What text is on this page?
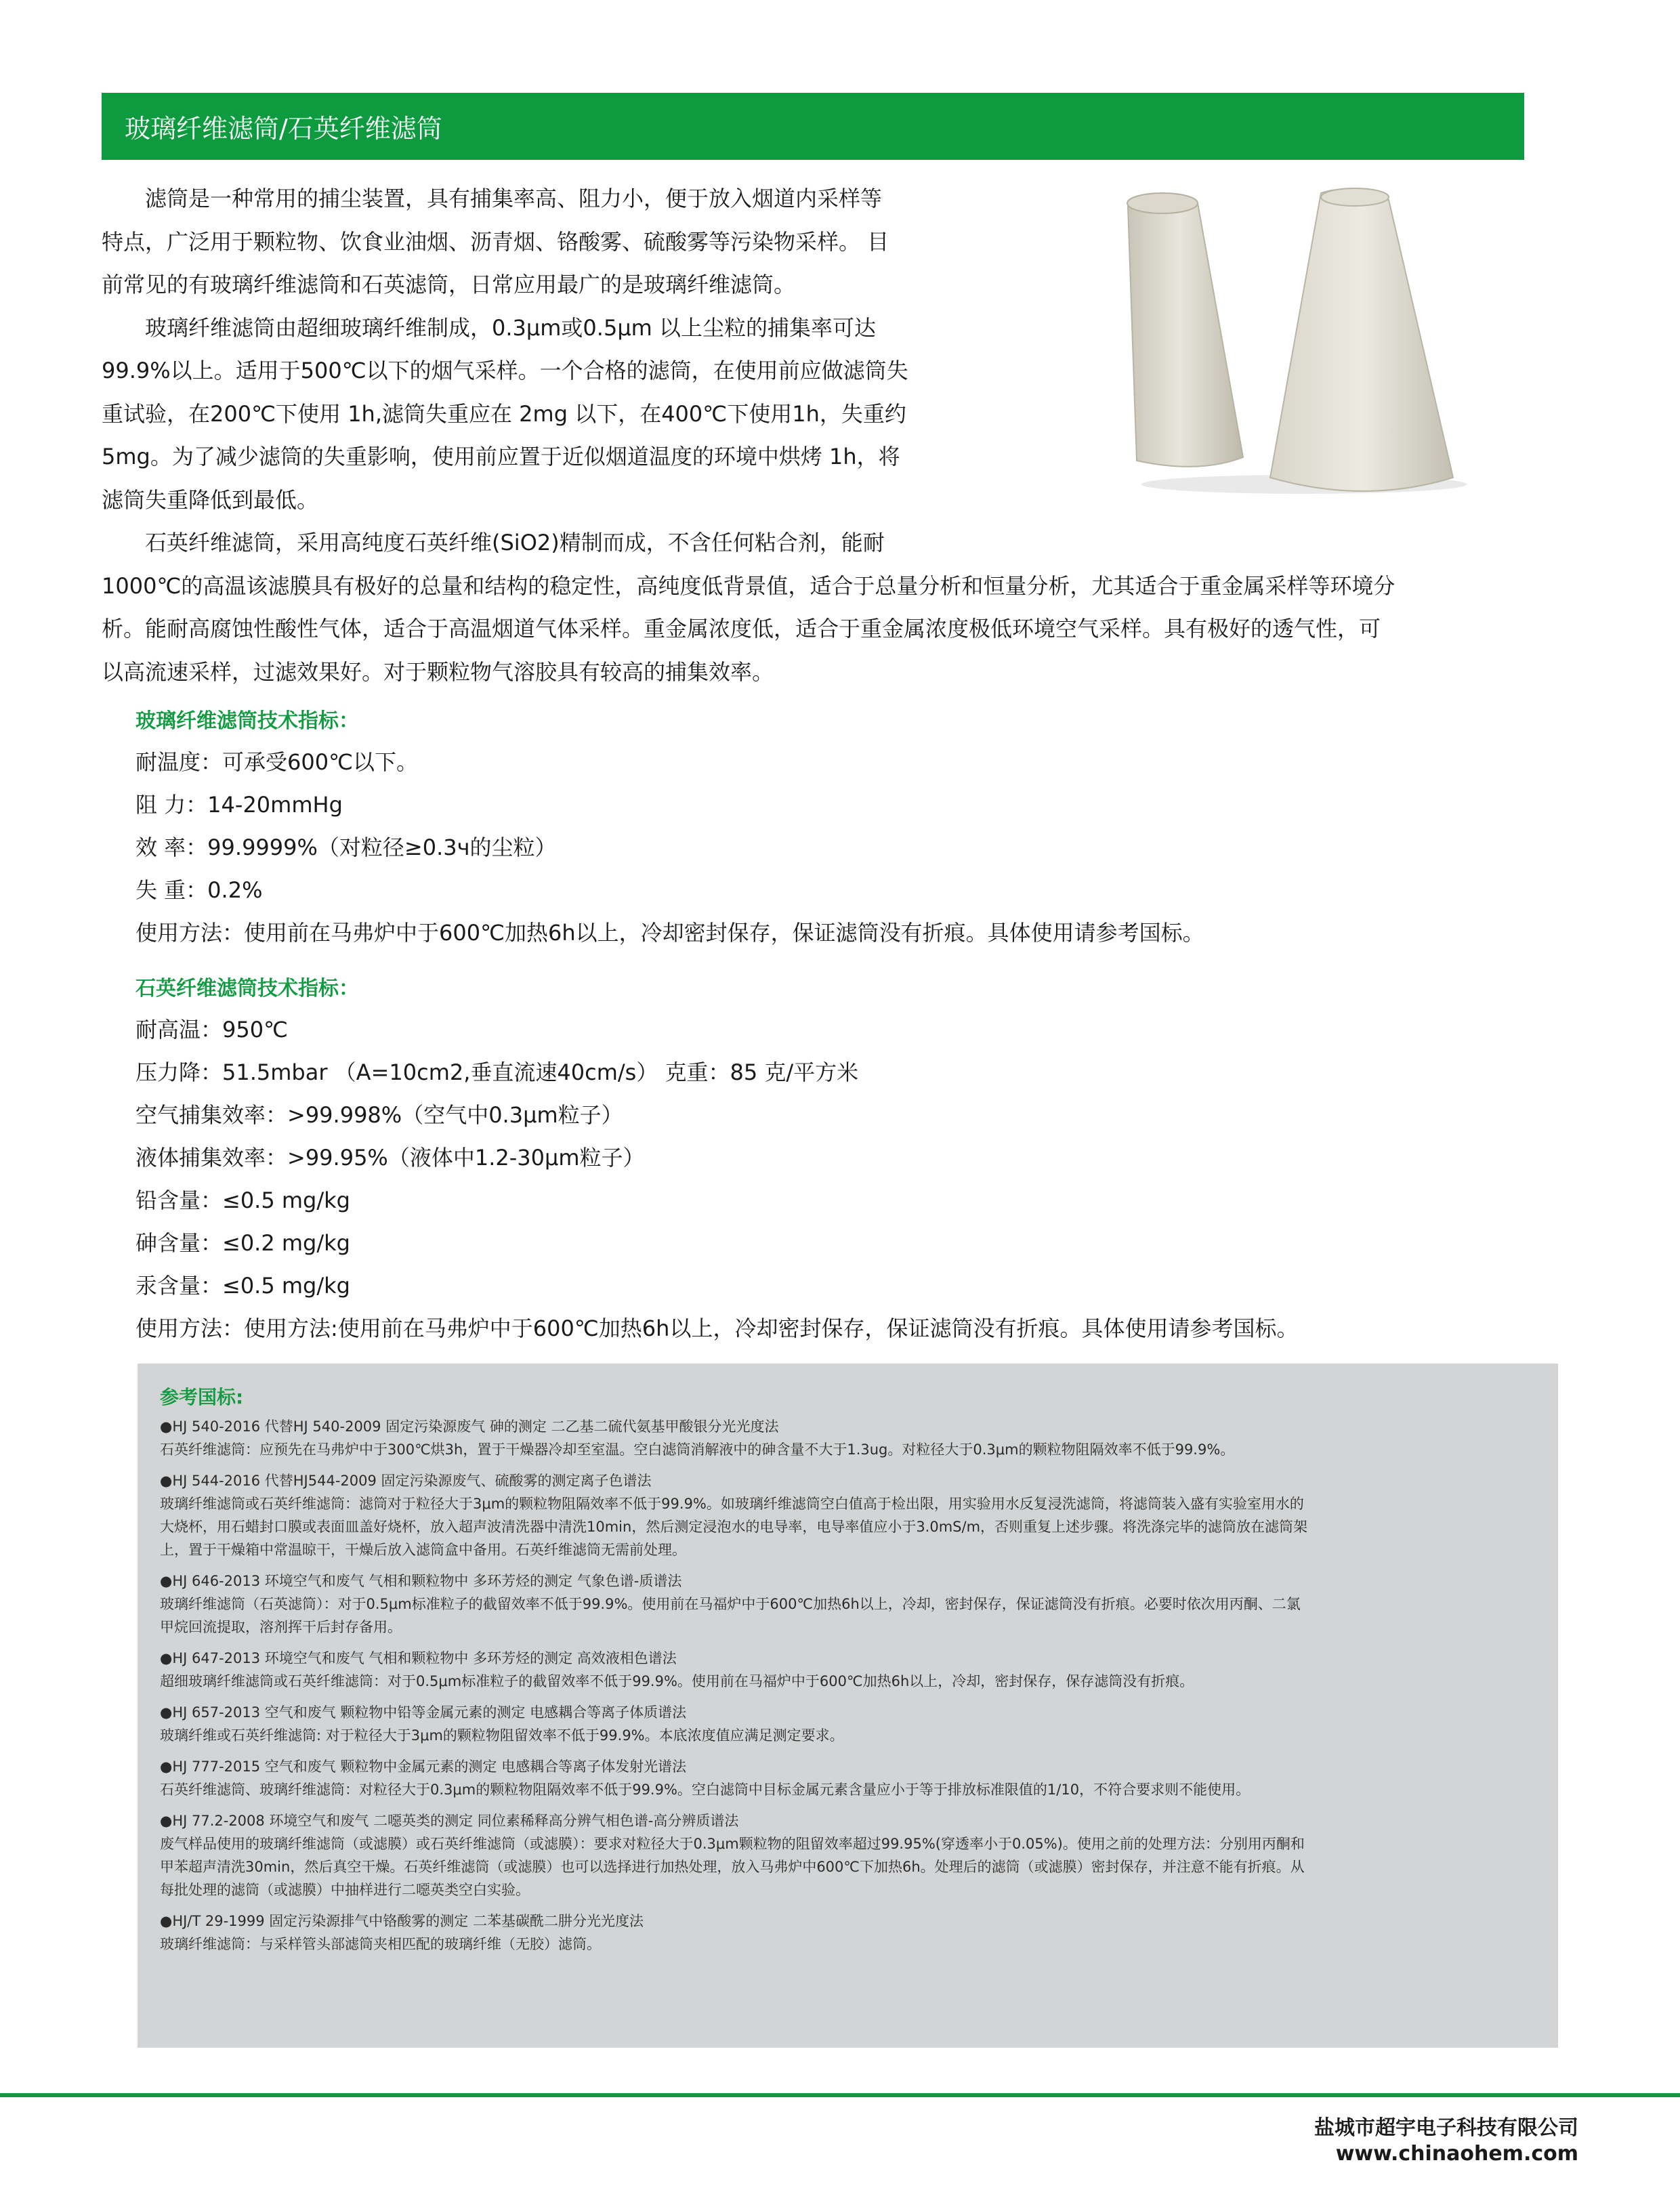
玻璃纤维滤筒/石英纤维滤筒
　　滤筒是一种常用的捕尘装置，具有捕集率高、阻力小，便于放入烟道内采样等
特点，广泛用于颗粒物、饮食业油烟、沥青烟、铬酸雾、硫酸雾等污染物采样。 目
前常见的有玻璃纤维滤筒和石英滤筒，日常应用最广的是玻璃纤维滤筒。
　　玻璃纤维滤筒由超细玻璃纤维制成，0.3μm或0.5μm 以上尘粒的捕集率可达
99.9%以上。适用于500℃以下的烟气采样。一个合格的滤筒，在使用前应做滤筒失
重试验，在200℃下使用 1h,滤筒失重应在 2mg 以下，在400℃下使用1h，失重约
5mg。为了减少滤筒的失重影响，使用前应置于近似烟道温度的环境中烘烤 1h，将
滤筒失重降低到最低。
　　石英纤维滤筒，采用高纯度石英纤维(SiO2)精制而成，不含任何粘合剂，能耐
1000℃的高温该滤膜具有极好的总量和结构的稳定性，高纯度低背景值，适合于总量分析和恒量分析，尤其适合于重金属采样等环境分
析。能耐高腐蚀性酸性气体，适合于高温烟道气体采样。重金属浓度低，适合于重金属浓度极低环境空气采样。具有极好的透气性，可
以高流速采样，过滤效果好。对于颗粒物气溶胶具有较高的捕集效率。
玻璃纤维滤筒技术指标：
耐温度：可承受600℃以下。
阻 力：14-20mmHg
效 率：99.9999%（对粒径≥0.3ч的尘粒）
失 重：0.2%
使用方法：使用前在马弗炉中于600℃加热6h以上，冷却密封保存，保证滤筒没有折痕。具体使用请参考国标。
石英纤维滤筒技术指标：
耐高温：950℃
压力降：51.5mbar （A=10cm2,垂直流速40cm/s） 克重：85 克/平方米
空气捕集效率：>99.998%（空气中0.3μm粒子）
液体捕集效率：>99.95%（液体中1.2-30μm粒子）
铅含量：≤0.5 mg/kg
砷含量：≤0.2 mg/kg
汞含量：≤0.5 mg/kg
使用方法：使用方法:使用前在马弗炉中于600℃加热6h以上，冷却密封保存，保证滤筒没有折痕。具体使用请参考国标。
参考国标:
●HJ 540-2016 代替HJ 540-2009 固定污染源废气 砷的测定 二乙基二硫代氨基甲酸银分光光度法
石英纤维滤筒：应预先在马弗炉中于300℃烘3h，置于干燥器冷却至室温。空白滤筒消解液中的砷含量不大于1.3ug。对粒径大于0.3μm的颗粒物阻隔效率不低于99.9%。
●HJ 544-2016 代替HJ544-2009 固定污染源废气、硫酸雾的测定离子色谱法
玻璃纤维滤筒或石英纤维滤筒：滤筒对于粒径大于3μm的颗粒物阻隔效率不低于99.9%。如玻璃纤维滤筒空白值高于检出限，用实验用水反复浸洗滤筒，将滤筒装入盛有实验室用水的
大烧杯，用石蜡封口膜或表面皿盖好烧杯，放入超声波清洗器中清洗10min，然后测定浸泡水的电导率，电导率值应小于3.0mS/m，否则重复上述步骤。将洗涤完毕的滤筒放在滤筒架
上，置于干燥箱中常温晾干，干燥后放入滤筒盒中备用。石英纤维滤筒无需前处理。
●HJ 646-2013 环境空气和废气 气相和颗粒物中 多环芳烃的测定 气象色谱-质谱法
玻璃纤维滤筒（石英滤筒）：对于0.5μm标准粒子的截留效率不低于99.9%。使用前在马福炉中于600℃加热6h以上，冷却，密封保存，保证滤筒没有折痕。必要时依次用丙酮、二氯
甲烷回流提取，溶剂挥干后封存备用。
●HJ 647-2013 环境空气和废气 气相和颗粒物中 多环芳烃的测定 高效液相色谱法
超细玻璃纤维滤筒或石英纤维滤筒：对于0.5μm标准粒子的截留效率不低于99.9%。使用前在马福炉中于600℃加热6h以上，冷却，密封保存，保存滤筒没有折痕。
●HJ 657-2013 空气和废气 颗粒物中铅等金属元素的测定 电感耦合等离子体质谱法
玻璃纤维或石英纤维滤筒: 对于粒径大于3μm的颗粒物阻留效率不低于99.9%。本底浓度值应满足测定要求。
●HJ 777-2015 空气和废气 颗粒物中金属元素的测定 电感耦合等离子体发射光谱法
石英纤维滤筒、玻璃纤维滤筒：对粒径大于0.3μm的颗粒物阻隔效率不低于99.9%。空白滤筒中目标金属元素含量应小于等于排放标准限值的1/10，不符合要求则不能使用。
●HJ 77.2-2008 环境空气和废气 二噁英类的测定 同位素稀释高分辨气相色谱-高分辨质谱法
废气样品使用的玻璃纤维滤筒（或滤膜）或石英纤维滤筒（或滤膜）：要求对粒径大于0.3μm颗粒物的阻留效率超过99.95%(穿透率小于0.05%)。使用之前的处理方法：分别用丙酮和
甲苯超声清洗30min，然后真空干燥。石英纤维滤筒（或滤膜）也可以选择进行加热处理，放入马弗炉中600℃下加热6h。处理后的滤筒（或滤膜）密封保存，并注意不能有折痕。从
每批处理的滤筒（或滤膜）中抽样进行二噁英类空白实验。
●HJ/T 29-1999 固定污染源排气中铬酸雾的测定 二苯基碳酰二肼分光光度法
玻璃纤维滤筒：与采样管头部滤筒夹相匹配的玻璃纤维（无胶）滤筒。
盐城市超宇电子科技有限公司
www.chinaohem.com
